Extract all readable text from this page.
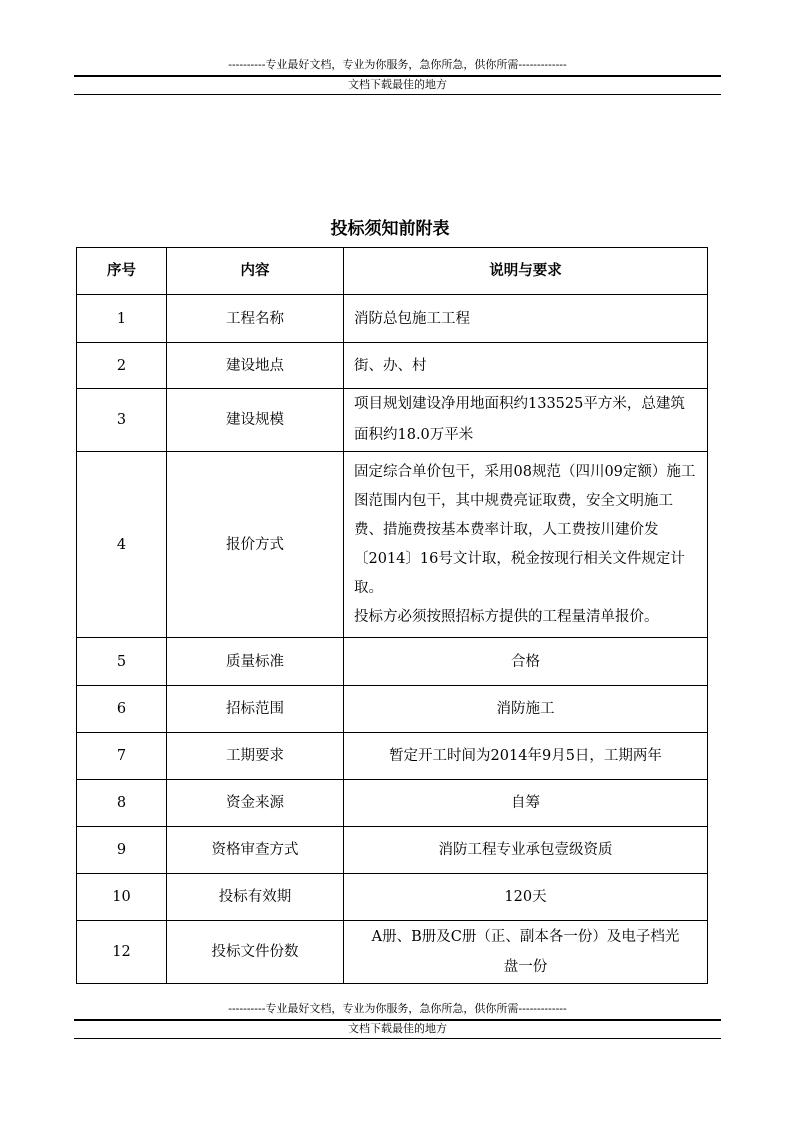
----------专业最好文档，专业为你服务，急你所急，供你所需-------------
文档下载最佳的地方
投标须知前附表
序号	内容	说明与要求
1	工程名称	消防总包施工工程
2	建设地点	街、办、村
3	建设规模	项目规划建设净用地面积约133525平方米，总建筑面积约18.0万平米
4	报价方式	固定综合单价包干，采用08规范（四川09定额）施工图范围内包干，其中规费亮证取费，安全文明施工费、措施费按基本费率计取，人工费按川建价发〔2014〕16号文计取，税金按现行相关文件规定计取。
投标方必须按照招标方提供的工程量清单报价。

5	质量标准	合格
6	招标范围	消防施工
7	工期要求	暂定开工时间为2014年9月5日，工期两年
8	资金来源	自筹
9	资格审查方式	消防工程专业承包壹级资质
10	投标有效期	120天
12	投标文件份数	A册、B册及C册（正、副本各一份）及电子档光盘一份
----------专业最好文档，专业为你服务，急你所急，供你所需-------------
文档下载最佳的地方
